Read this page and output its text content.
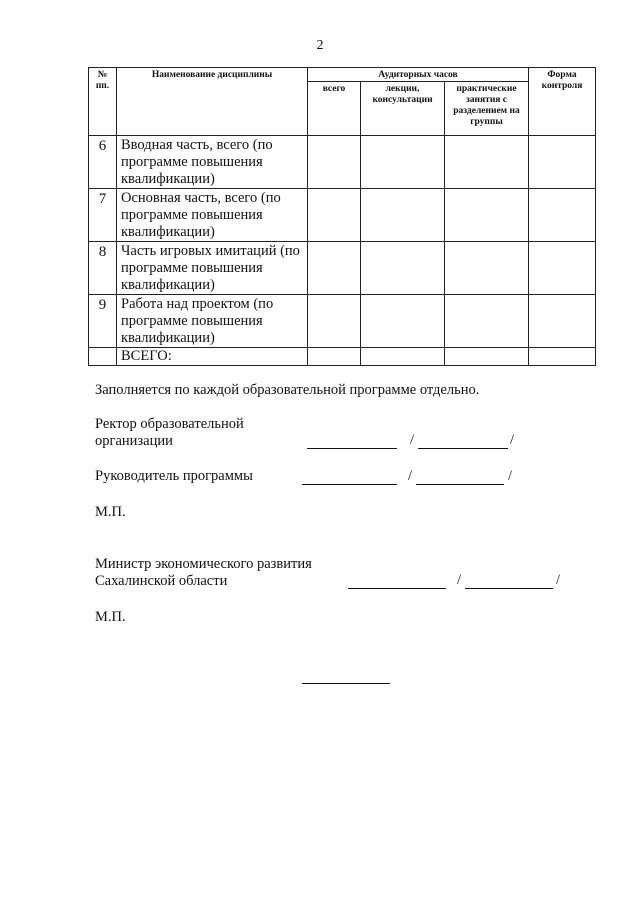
2
№ пп.	Наименование дисциплины	Аудиторных часов			Форма контроля
		всего	лекции, консультации	практические занятия с разделением на группы	
6	Вводная часть, всего (по программе повышения квалификации)				
7	Основная часть, всего (по программе повышения квалификации)				
8	Часть игровых имитаций (по программе повышения квалификации)				
9	Работа над проектом (по программе повышения квалификации)				
	ВСЕГО:				
Заполняется по каждой образовательной программе отдельно.
Ректор образовательной
организации	/	/
Руководитель программы	/	/
М.П.
Министр экономического развития
Сахалинской области	/	/
М.П.
